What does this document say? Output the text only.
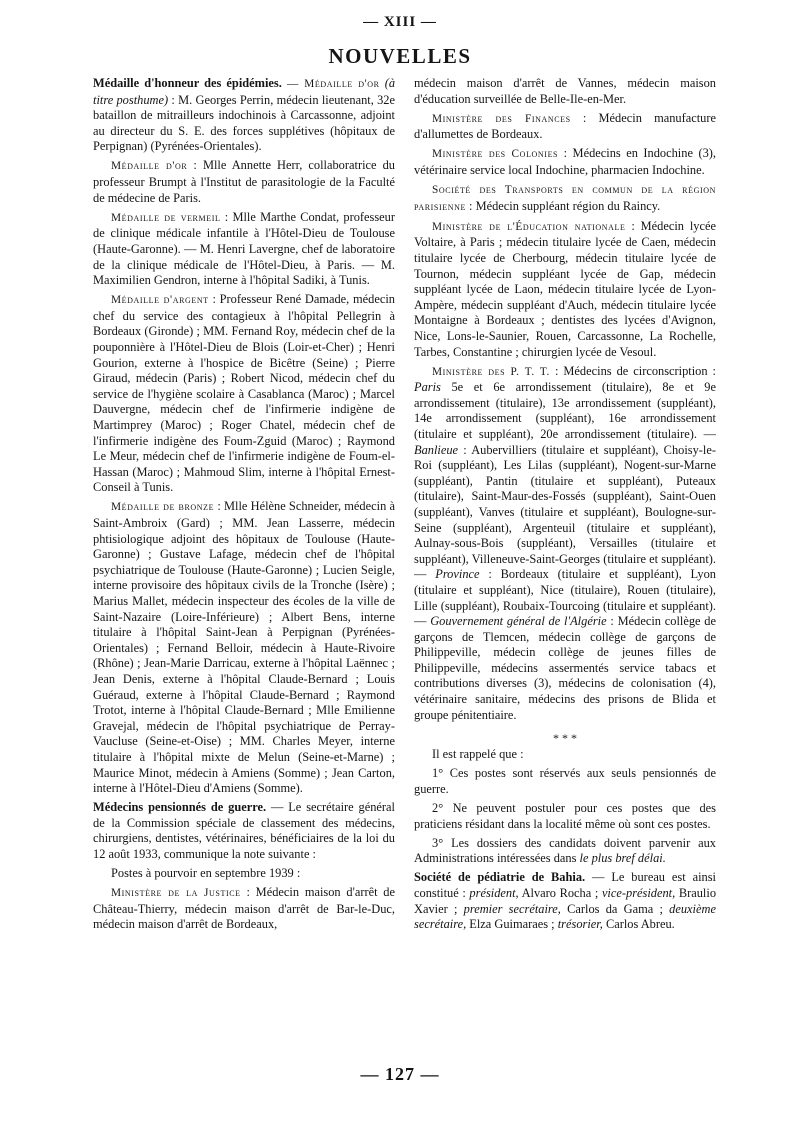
— XIII —
NOUVELLES

Médaille d'honneur des épidémies. — Médaille d'or (à titre posthume) : M. Georges Perrin, médecin lieutenant, 32e bataillon de mitrailleurs indochinois à Carcassonne, adjoint au directeur du S. E. des forces supplétives (hôpitaux de Perpignan) (Pyrénées-Orientales).

Médaille d'or : Mlle Annette Herr, collaboratrice du professeur Brumpt à l'Institut de parasitologie de la Faculté de médecine de Paris.

Médaille de vermeil : Mlle Marthe Condat, professeur de clinique médicale infantile à l'Hôtel-Dieu de Toulouse (Haute-Garonne). — M. Henri Lavergne, chef de laboratoire de la clinique médicale de l'Hôtel-Dieu, à Paris. — M. Maximilien Gendron, interne à l'hôpital Sadiki, à Tunis.

Médaille d'argent : Professeur René Damade, médecin chef du service des contagieux à l'hôpital Pellegrin à Bordeaux (Gironde) ; MM. Fernand Roy, médecin chef de la pouponnière à l'Hôtel-Dieu de Blois (Loir-et-Cher) ; Henri Gourion, externe à l'hospice de Bicêtre (Seine) ; Pierre Giraud, médecin (Paris) ; Robert Nicod, médecin chef du service de l'hygiène scolaire à Casablanca (Maroc) ; Marcel Dauvergne, médecin chef de l'infirmerie indigène de Martimprey (Maroc) ; Roger Chatel, médecin chef de l'infirmerie indigène des Foum-Zguid (Maroc) ; Raymond Le Meur, médecin chef de l'infirmerie indigène de Foum-el-Hassan (Maroc) ; Mahmoud Slim, interne à l'hôpital Ernest-Conseil à Tunis.

Médaille de bronze : Mlle Hélène Schneider, médecin à Saint-Ambroix (Gard) ; MM. Jean Lasserre, médecin phtisiologique adjoint des hôpitaux de Toulouse (Haute-Garonne) ; Gustave Lafage, médecin chef de l'hôpital psychiatrique de Toulouse (Haute-Garonne) ; Lucien Seigle, interne provisoire des hôpitaux civils de la Tronche (Isère) ; Marius Mallet, médecin inspecteur des écoles de la ville de Saint-Nazaire (Loire-Inférieure) ; Albert Bens, interne titulaire à l'hôpital Saint-Jean à Perpignan (Pyrénées-Orientales) ; Fernand Belloir, médecin à Haute-Rivoire (Rhône) ; Jean-Marie Darricau, externe à l'hôpital Laënnec ; Jean Denis, externe à l'hôpital Claude-Bernard ; Louis Guéraud, externe à l'hôpital Claude-Bernard ; Raymond Trotot, interne à l'hôpital Claude-Bernard ; Mlle Emilienne Gravejal, médecin de l'hôpital psychiatrique de Perray-Vaucluse (Seine-et-Oise) ; MM. Charles Meyer, interne titulaire à l'hôpital mixte de Melun (Seine-et-Marne) ; Maurice Minot, médecin à Amiens (Somme) ; Jean Carton, interne à l'Hôtel-Dieu d'Amiens (Somme).

Médecins pensionnés de guerre. — Le secrétaire général de la Commission spéciale de classement des médecins, chirurgiens, dentistes, vétérinaires, bénéficiaires de la loi du 12 août 1933, communique la note suivante :

Postes à pourvoir en septembre 1939 :

Ministère de la Justice : Médecin maison d'arrêt de Château-Thierry, médecin maison d'arrêt de Bar-le-Duc, médecin maison d'arrêt de Bordeaux,

médecin maison d'arrêt de Vannes, médecin maison d'éducation surveillée de Belle-Ile-en-Mer.

Ministère des Finances : Médecin manufacture d'allumettes de Bordeaux.

Ministère des Colonies : Médecins en Indochine (3), vétérinaire service local Indochine, pharmacien Indochine.

Société des Transports en commun de la région parisienne : Médecin suppléant région du Raincy.

Ministère de l'Éducation nationale : Médecin lycée Voltaire, à Paris ; médecin titulaire lycée de Caen, médecin titulaire lycée de Cherbourg, médecin titulaire lycée de Tournon, médecin suppléant lycée de Gap, médecin suppléant lycée de Laon, médecin titulaire lycée de Lyon-Ampère, médecin suppléant d'Auch, médecin titulaire lycée Montaigne à Bordeaux ; dentistes des lycées d'Avignon, Nice, Lons-le-Saunier, Rouen, Carcassonne, La Rochelle, Tarbes, Constantine ; chirurgien lycée de Vesoul.

Ministère des P. T. T. : Médecins de circonscription : Paris 5e et 6e arrondissement (titulaire), 8e et 9e arrondissement (titulaire), 13e arrondissement (suppléant), 14e arrondissement (suppléant), 16e arrondissement (titulaire et suppléant), 20e arrondissement (titulaire). — Banlieue : Aubervilliers (titulaire et suppléant), Choisy-le-Roi (suppléant), Les Lilas (suppléant), Nogent-sur-Marne (suppléant), Pantin (titulaire et suppléant), Puteaux (titulaire), Saint-Maur-des-Fossés (suppléant), Saint-Ouen (suppléant), Vanves (titulaire et suppléant), Boulogne-sur-Seine (suppléant), Argenteuil (titulaire et suppléant), Aulnay-sous-Bois (suppléant), Versailles (titulaire et suppléant), Villeneuve-Saint-Georges (titulaire et suppléant). — Province : Bordeaux (titulaire et suppléant), Lyon (titulaire et suppléant), Nice (titulaire), Rouen (titulaire), Lille (suppléant), Roubaix-Tourcoing (titulaire et suppléant). — Gouvernement général de l'Algérie : Médecin collège de garçons de Tlemcen, médecin collège de garçons de Philippeville, médecin collège de jeunes filles de Philippeville, médecins assermentés service tabacs et contributions diverses (3), médecins de colonisation (4), vétérinaire sanitaire, médecins des prisons de Blida et groupe pénitentiaire.

* * *

Il est rappelé que :

1° Ces postes sont réservés aux seuls pensionnés de guerre.

2° Ne peuvent postuler pour ces postes que des praticiens résidant dans la localité même où sont ces postes.

3° Les dossiers des candidats doivent parvenir aux Administrations intéressées dans le plus bref délai.

Société de pédiatrie de Bahia. — Le bureau est ainsi constitué : président, Alvaro Rocha ; vice-président, Braulio Xavier ; premier secrétaire, Carlos da Gama ; deuxième secrétaire, Elza Guimaraes ; trésorier, Carlos Abreu.

— 127 —
